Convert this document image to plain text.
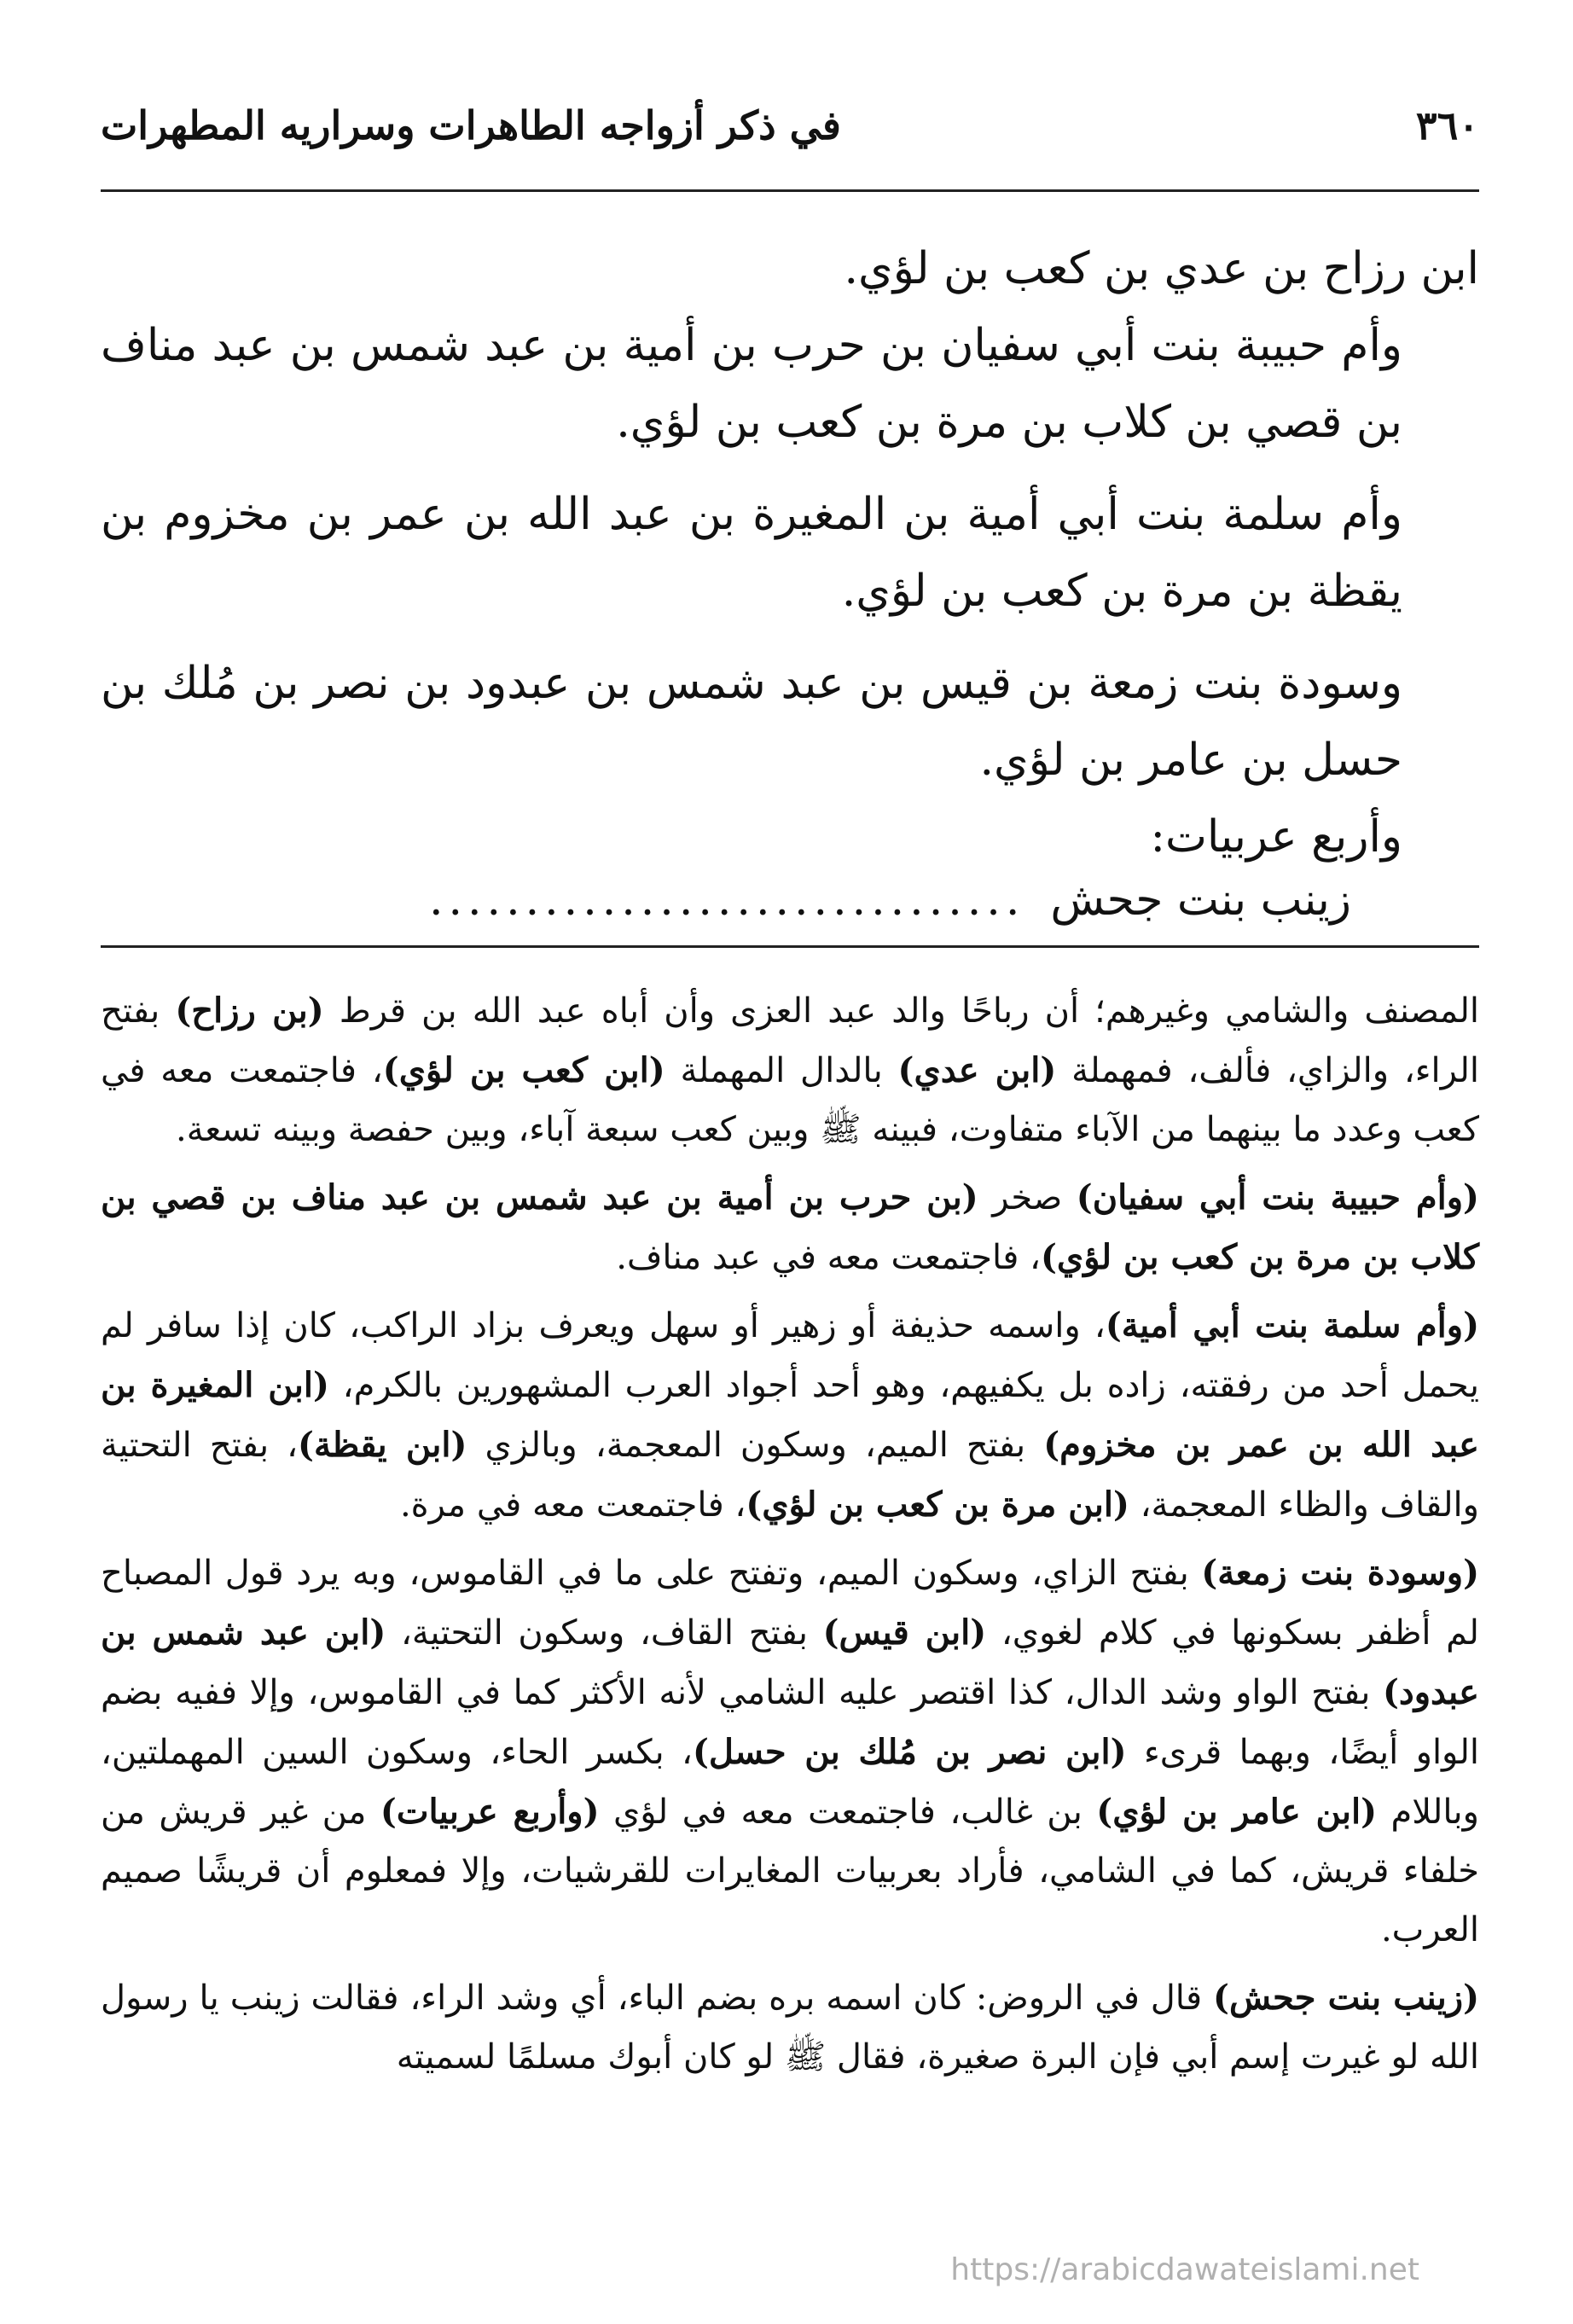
٣٦٠
في ذكر أزواجه الطاهرات وسراريه المطهرات

ابن رزاح بن عدي بن كعب بن لؤي.

وأم حبيبة بنت أبي سفيان بن حرب بن أمية بن عبد شمس بن عبد مناف بن قصي بن كلاب بن مرة بن كعب بن لؤي.

وأم سلمة بنت أبي أمية بن المغيرة بن عبد الله بن عمر بن مخزوم بن يقظة بن مرة بن كعب بن لؤي.

وسودة بنت زمعة بن قيس بن عبد شمس بن عبدود بن نصر بن مُلك بن حسل بن عامر بن لؤي.

وأربع عربيات:

زينب بنت جحش
...............................

المصنف والشامي وغيرهم؛ أن رباحًا والد عبد العزى وأن أباه عبد الله بن قرط (بن رزاح) بفتح الراء، والزاي، فألف، فمهملة (ابن عدي) بالدال المهملة (ابن كعب بن لؤي)، فاجتمعت معه في كعب وعدد ما بينهما من الآباء متفاوت، فبينه ﷺ وبين كعب سبعة آباء، وبين حفصة وبينه تسعة.

(وأم حبيبة بنت أبي سفيان) صخر (بن حرب بن أمية بن عبد شمس بن عبد مناف بن قصي بن كلاب بن مرة بن كعب بن لؤي)، فاجتمعت معه في عبد مناف.

(وأم سلمة بنت أبي أمية)، واسمه حذيفة أو زهير أو سهل ويعرف بزاد الراكب، كان إذا سافر لم يحمل أحد من رفقته، زاده بل يكفيهم، وهو أحد أجواد العرب المشهورين بالكرم، (ابن المغيرة بن عبد الله بن عمر بن مخزوم) بفتح الميم، وسكون المعجمة، وبالزي (ابن يقظة)، بفتح التحتية والقاف والظاء المعجمة، (ابن مرة بن كعب بن لؤي)، فاجتمعت معه في مرة.

(وسودة بنت زمعة) بفتح الزاي، وسكون الميم، وتفتح على ما في القاموس، وبه يرد قول المصباح لم أظفر بسكونها في كلام لغوي، (ابن قيس) بفتح القاف، وسكون التحتية، (ابن عبد شمس بن عبدود) بفتح الواو وشد الدال، كذا اقتصر عليه الشامي لأنه الأكثر كما في القاموس، وإلا ففيه بضم الواو أيضًا، وبهما قرىء (ابن نصر بن مُلك بن حسل)، بكسر الحاء، وسكون السين المهملتين، وباللام (ابن عامر بن لؤي) بن غالب، فاجتمعت معه في لؤي (وأربع عربيات) من غير قريش من خلفاء قريش، كما في الشامي، فأراد بعربيات المغايرات للقرشيات، وإلا فمعلوم أن قريشًا صميم العرب.

(زينب بنت جحش) قال في الروض: كان اسمه بره بضم الباء، أي وشد الراء، فقالت زينب يا رسول الله لو غيرت إسم أبي فإن البرة صغيرة، فقال ﷺ لو كان أبوك مسلمًا لسميته

https://arabicdawateislami.net
